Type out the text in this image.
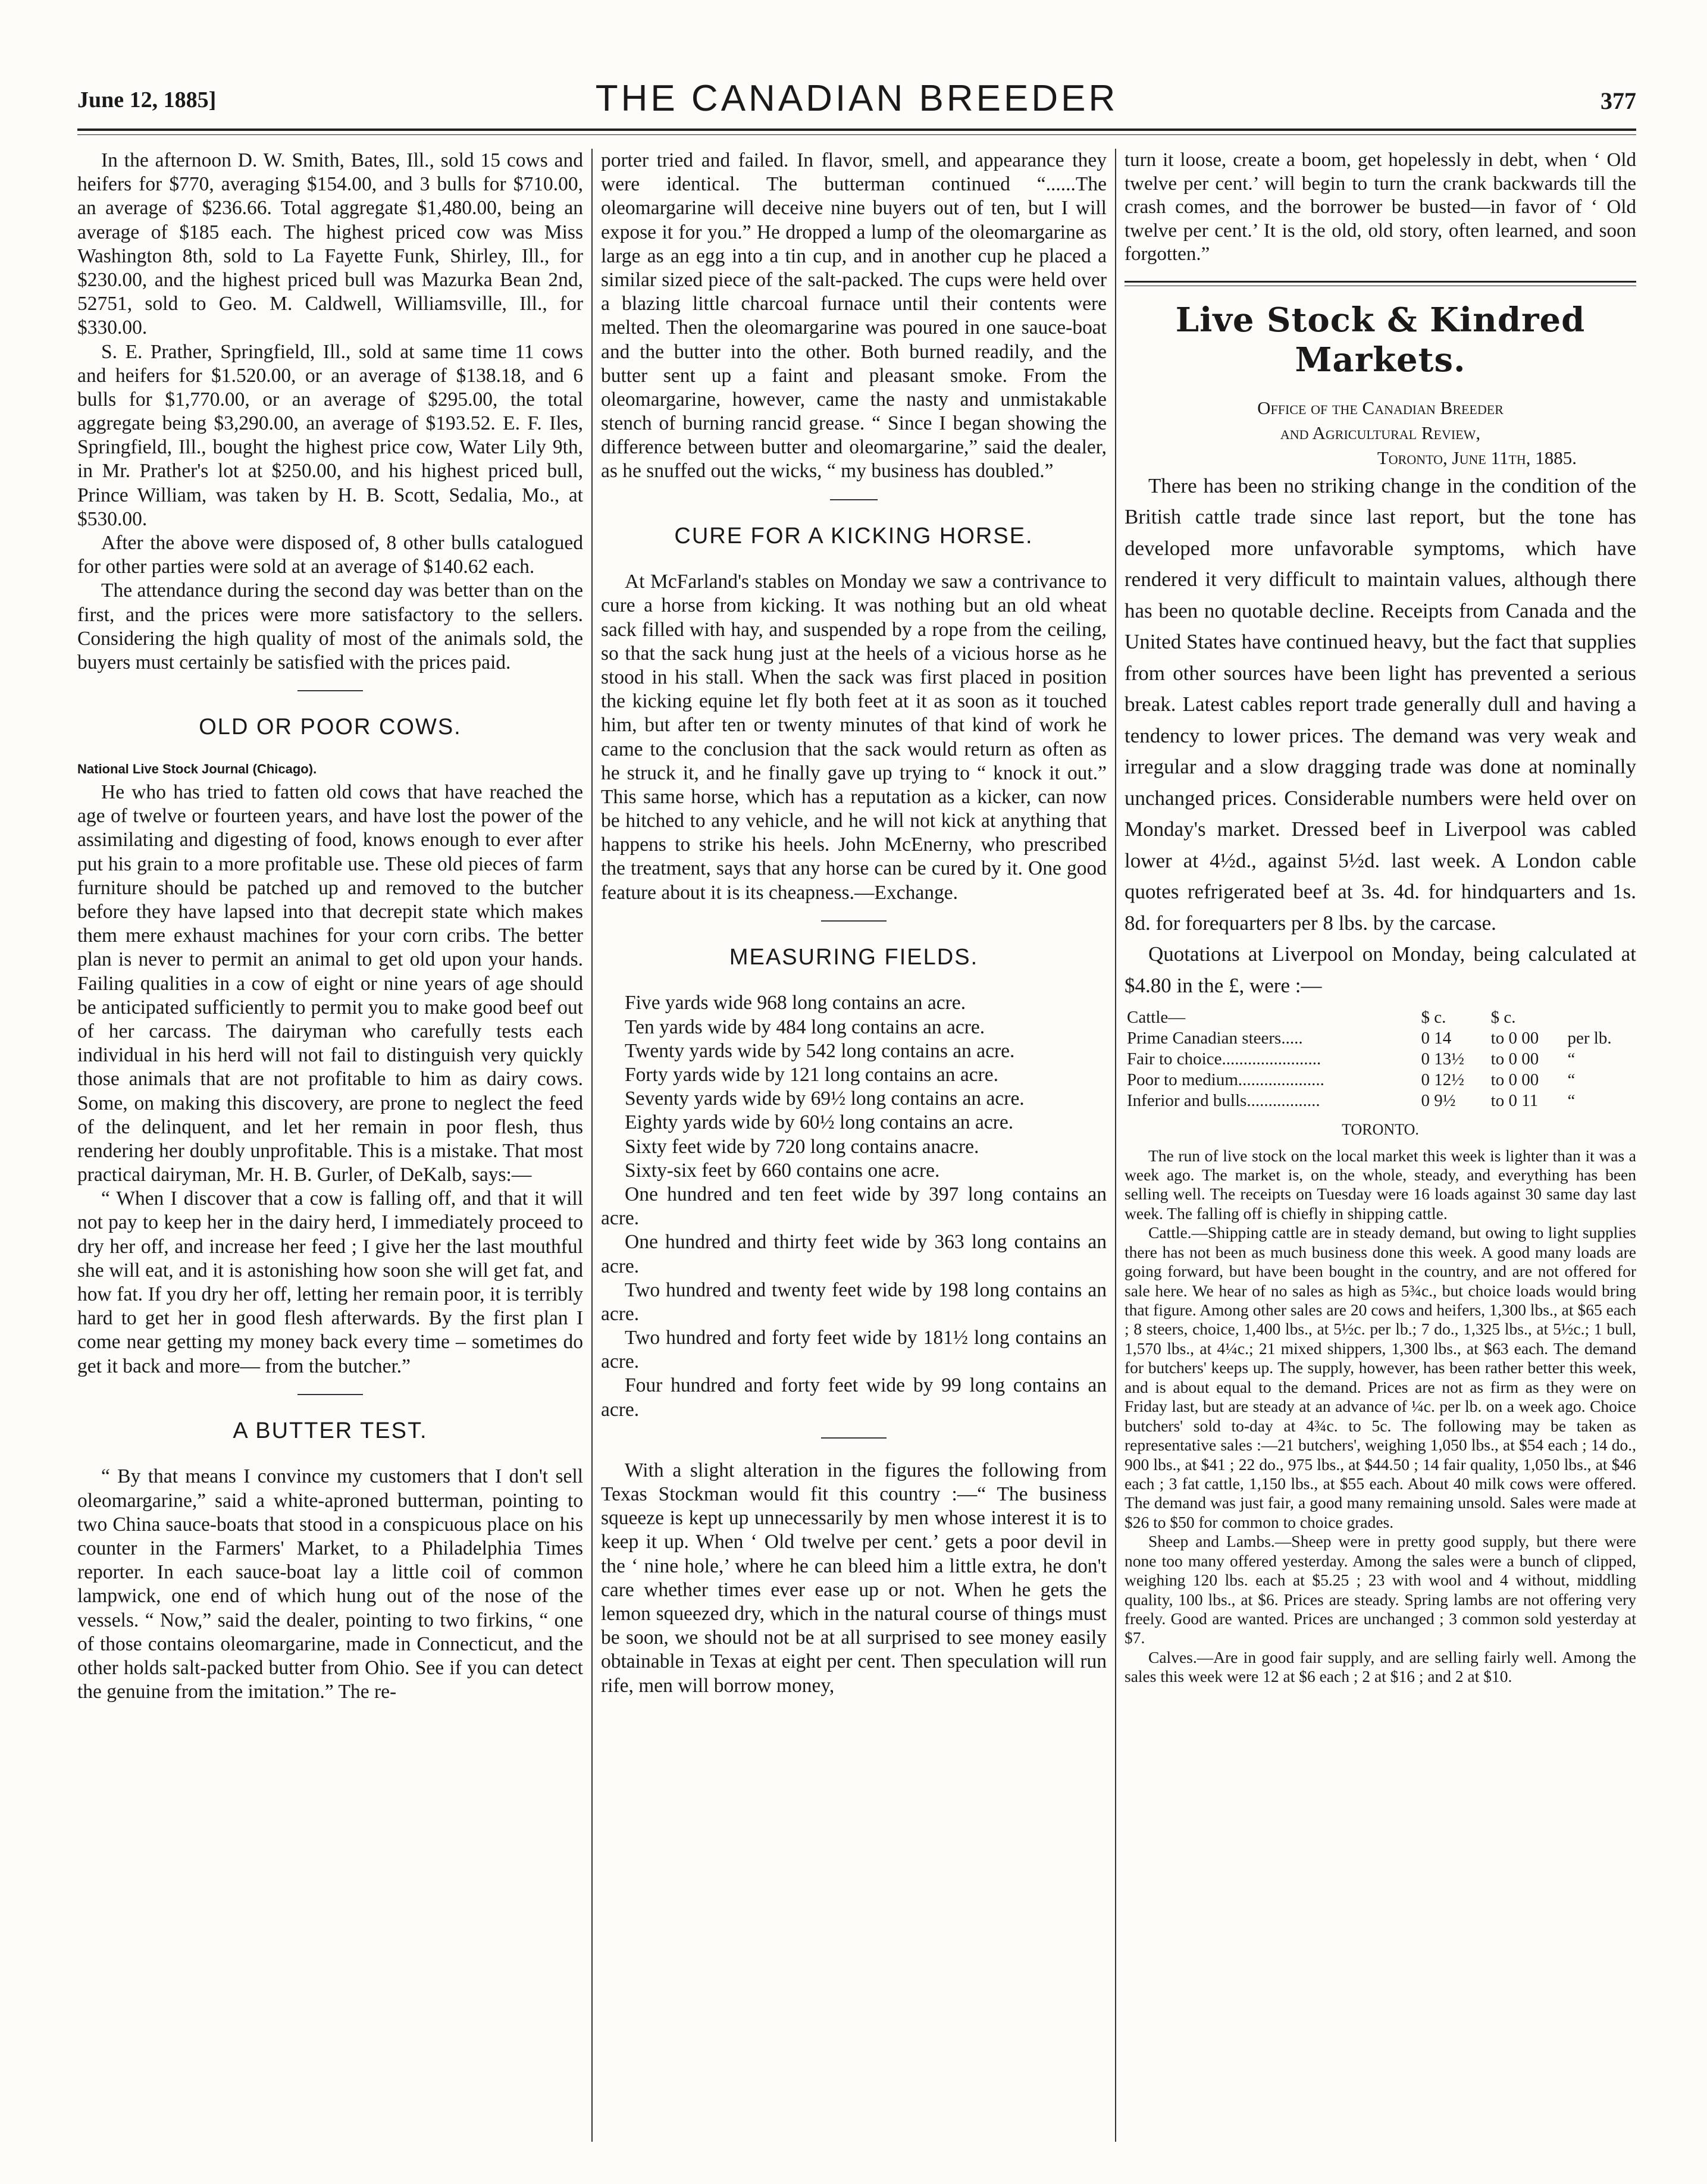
June 12, 1885]	THE CANADIAN BREEDER	377

In the afternoon D. W. Smith, Bates, Ill., sold 15 cows and heifers for $770, averaging $154.00, and 3 bulls for $710.00, an average of $236.66. Total aggregate $1,480.00, being an average of $185 each. The highest priced cow was Miss Washington 8th, sold to La Fayette Funk, Shirley, Ill., for $230.00, and the highest priced bull was Mazurka Bean 2nd, 52751, sold to Geo. M. Caldwell, Williamsville, Ill., for $330.00.

S. E. Prather, Springfield, Ill., sold at same time 11 cows and heifers for $1.520.00, or an average of $138.18, and 6 bulls for $1,770.00, or an average of $295.00, the total aggregate being $3,290.00, an average of $193.52. E. F. Iles, Springfield, Ill., bought the highest price cow, Water Lily 9th, in Mr. Prather's lot at $250.00, and his highest priced bull, Prince William, was taken by H. B. Scott, Sedalia, Mo., at $530.00.

After the above were disposed of, 8 other bulls catalogued for other parties were sold at an average of $140.62 each.

The attendance during the second day was better than on the first, and the prices were more satisfactory to the sellers. Considering the high quality of most of the animals sold, the buyers must certainly be satisfied with the prices paid.

OLD OR POOR COWS.
National Live Stock Journal (Chicago).

He who has tried to fatten old cows that have reached the age of twelve or fourteen years, and have lost the power of the assimilating and digesting of food, knows enough to ever after put his grain to a more profitable use. These old pieces of farm furniture should be patched up and removed to the butcher before they have lapsed into that decrepit state which makes them mere exhaust machines for your corn cribs. The better plan is never to permit an animal to get old upon your hands. Failing qualities in a cow of eight or nine years of age should be anticipated sufficiently to permit you to make good beef out of her carcass. The dairyman who carefully tests each individual in his herd will not fail to distinguish very quickly those animals that are not profitable to him as dairy cows. Some, on making this discovery, are prone to neglect the feed of the delinquent, and let her remain in poor flesh, thus rendering her doubly unprofitable. This is a mistake. That most practical dairyman, Mr. H. B. Gurler, of DeKalb, says:—

“ When I discover that a cow is falling off, and that it will not pay to keep her in the dairy herd, I immediately proceed to dry her off, and increase her feed ; I give her the last mouthful she will eat, and it is astonishing how soon she will get fat, and how fat. If you dry her off, letting her remain poor, it is terribly hard to get her in good flesh afterwards. By the first plan I come near getting my money back every time – sometimes do get it back and more— from the butcher.”

A BUTTER TEST.

“ By that means I convince my customers that I don't sell oleomargarine,” said a white-aproned butterman, pointing to two China sauce-boats that stood in a conspicuous place on his counter in the Farmers' Market, to a Philadelphia Times reporter. In each sauce-boat lay a little coil of common lampwick, one end of which hung out of the nose of the vessels. “ Now,” said the dealer, pointing to two firkins, “ one of those contains oleomargarine, made in Connecticut, and the other holds salt-packed butter from Ohio. See if you can detect the genuine from the imitation.” The re-

porter tried and failed. In flavor, smell, and appearance they were identical. The butterman continued “......The oleomargarine will deceive nine buyers out of ten, but I will expose it for you.” He dropped a lump of the oleomargarine as large as an egg into a tin cup, and in another cup he placed a similar sized piece of the salt-packed. The cups were held over a blazing little charcoal furnace until their contents were melted. Then the oleomargarine was poured in one sauce-boat and the butter into the other. Both burned readily, and the butter sent up a faint and pleasant smoke. From the oleomargarine, however, came the nasty and unmistakable stench of burning rancid grease. “ Since I began showing the difference between butter and oleomargarine,” said the dealer, as he snuffed out the wicks, “ my business has doubled.”

CURE FOR A KICKING HORSE.

At McFarland's stables on Monday we saw a contrivance to cure a horse from kicking. It was nothing but an old wheat sack filled with hay, and suspended by a rope from the ceiling, so that the sack hung just at the heels of a vicious horse as he stood in his stall. When the sack was first placed in position the kicking equine let fly both feet at it as soon as it touched him, but after ten or twenty minutes of that kind of work he came to the conclusion that the sack would return as often as he struck it, and he finally gave up trying to “ knock it out.” This same horse, which has a reputation as a kicker, can now be hitched to any vehicle, and he will not kick at anything that happens to strike his heels. John McEnerny, who prescribed the treatment, says that any horse can be cured by it. One good feature about it is its cheapness.—Exchange.

MEASURING FIELDS.

Five yards wide 968 long contains an acre.

Ten yards wide by 484 long contains an acre.

Twenty yards wide by 542 long contains an acre.

Forty yards wide by 121 long contains an acre.

Seventy yards wide by 69½ long contains an acre.

Eighty yards wide by 60½ long contains an acre.

Sixty feet wide by 720 long contains anacre.

Sixty-six feet by 660 contains one acre.

One hundred and ten feet wide by 397 long contains an acre.

One hundred and thirty feet wide by 363 long contains an acre.

Two hundred and twenty feet wide by 198 long contains an acre.

Two hundred and forty feet wide by 181½ long contains an acre.

Four hundred and forty feet wide by 99 long contains an acre.

With a slight alteration in the figures the following from Texas Stockman would fit this country :—“ The business squeeze is kept up unnecessarily by men whose interest it is to keep it up. When ‘ Old twelve per cent.’ gets a poor devil in the ‘ nine hole,’ where he can bleed him a little extra, he don't care whether times ever ease up or not. When he gets the lemon squeezed dry, which in the natural course of things must be soon, we should not be at all surprised to see money easily obtainable in Texas at eight per cent. Then speculation will run rife, men will borrow money,

turn it loose, create a boom, get hopelessly in debt, when ‘ Old twelve per cent.’ will begin to turn the crank backwards till the crash comes, and the borrower be busted—in favor of ‘ Old twelve per cent.’ It is the old, old story, often learned, and soon forgotten.”

Live Stock & Kindred Markets.
Office of the Canadian Breeder
and Agricultural Review,

Toronto, June 11th, 1885.

There has been no striking change in the condition of the British cattle trade since last report, but the tone has developed more unfavorable symptoms, which have rendered it very difficult to maintain values, although there has been no quotable decline. Receipts from Canada and the United States have continued heavy, but the fact that supplies from other sources have been light has prevented a serious break. Latest cables report trade generally dull and having a tendency to lower prices. The demand was very weak and irregular and a slow dragging trade was done at nominally unchanged prices. Considerable numbers were held over on Monday's market. Dressed beef in Liverpool was cabled lower at 4½d., against 5½d. last week. A London cable quotes refrigerated beef at 3s. 4d. for hindquarters and 1s. 8d. for forequarters per 8 lbs. by the carcase.

Quotations at Liverpool on Monday, being calculated at $4.80 in the £, were :—

Cattle—	$ c.	$ c.	
Prime Canadian steers.....	0 14	to 0 00	per lb.
Fair to choice.......................	0 13½	to 0 00	“
Poor to medium....................	0 12½	to 0 00	“
Inferior and bulls.................	0 9½	to 0 11	“
TORONTO.

The run of live stock on the local market this week is lighter than it was a week ago. The market is, on the whole, steady, and everything has been selling well. The receipts on Tuesday were 16 loads against 30 same day last week. The falling off is chiefly in shipping cattle.

Cattle.—Shipping cattle are in steady demand, but owing to light supplies there has not been as much business done this week. A good many loads are going forward, but have been bought in the country, and are not offered for sale here. We hear of no sales as high as 5¾c., but choice loads would bring that figure. Among other sales are 20 cows and heifers, 1,300 lbs., at $65 each ; 8 steers, choice, 1,400 lbs., at 5½c. per lb.; 7 do., 1,325 lbs., at 5½c.; 1 bull, 1,570 lbs., at 4¼c.; 21 mixed shippers, 1,300 lbs., at $63 each. The demand for butchers' keeps up. The supply, however, has been rather better this week, and is about equal to the demand. Prices are not as firm as they were on Friday last, but are steady at an advance of ¼c. per lb. on a week ago. Choice butchers' sold to-day at 4¾c. to 5c. The following may be taken as representative sales :—21 butchers', weighing 1,050 lbs., at $54 each ; 14 do., 900 lbs., at $41 ; 22 do., 975 lbs., at $44.50 ; 14 fair quality, 1,050 lbs., at $46 each ; 3 fat cattle, 1,150 lbs., at $55 each. About 40 milk cows were offered. The demand was just fair, a good many remaining unsold. Sales were made at $26 to $50 for common to choice grades.

Sheep and Lambs.—Sheep were in pretty good supply, but there were none too many offered yesterday. Among the sales were a bunch of clipped, weighing 120 lbs. each at $5.25 ; 23 with wool and 4 without, middling quality, 100 lbs., at $6. Prices are steady. Spring lambs are not offering very freely. Good are wanted. Prices are unchanged ; 3 common sold yesterday at $7.

Calves.—Are in good fair supply, and are selling fairly well. Among the sales this week were 12 at $6 each ; 2 at $16 ; and 2 at $10.
